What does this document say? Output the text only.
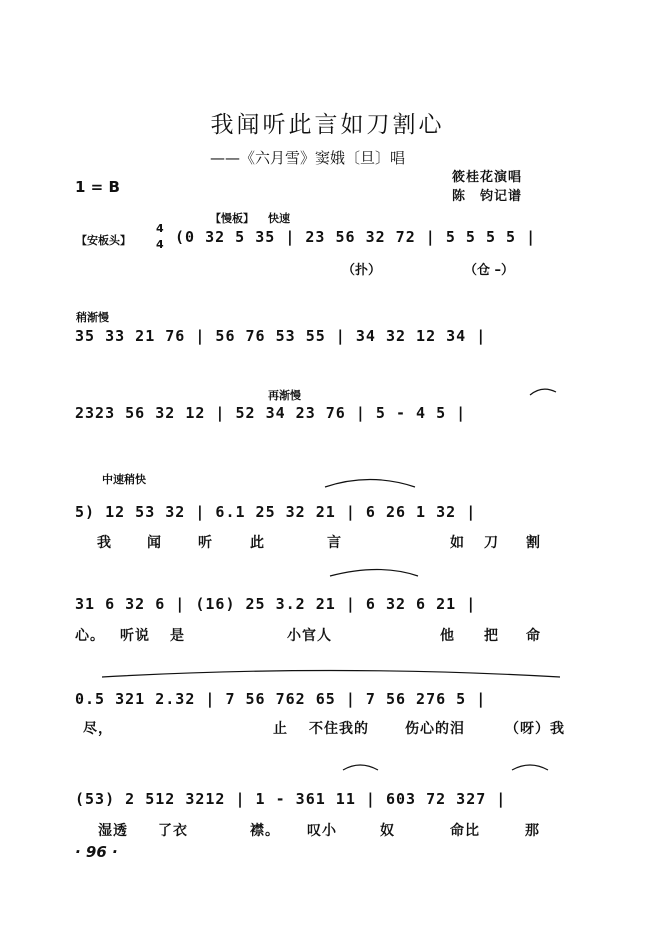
我闻听此言如刀割心
——《六月雪》窦娥〔旦〕唱
筱桂花演唱
陈　钧记谱
1 = B
【慢板】 快速
【安板头】
4
4 (0 32 5 35 | 23 56 32 72 | 5 5 5 5 |
（扑）	（仓 –）
稍渐慢
35 33 21 76 | 56 76 53 55 | 34 32 12 34 |
再渐慢
2323 56 32 12 | 52 34 23 76 | 5 - 4 5 |
中速稍快
5) 12 53 32 | 6.1 25 32 21 | 6 26 1 32 |
我	闻	听	此	言	如 刀 割
31 6 32 6 | (16) 25 3.2 21 | 6 32 6 21 |
心。 听说 是	小官人	他 把 命
0.5 321 2.32 | 7 56 762 65 | 7 56 276 5 |
尽，	止 不住我的	伤心的泪	（呀）我
(53) 2 512 3212 | 1 - 361 11 | 603 72 327 |
湿透 了衣	襟。 叹小	奴	命比	那
· 96 ·
